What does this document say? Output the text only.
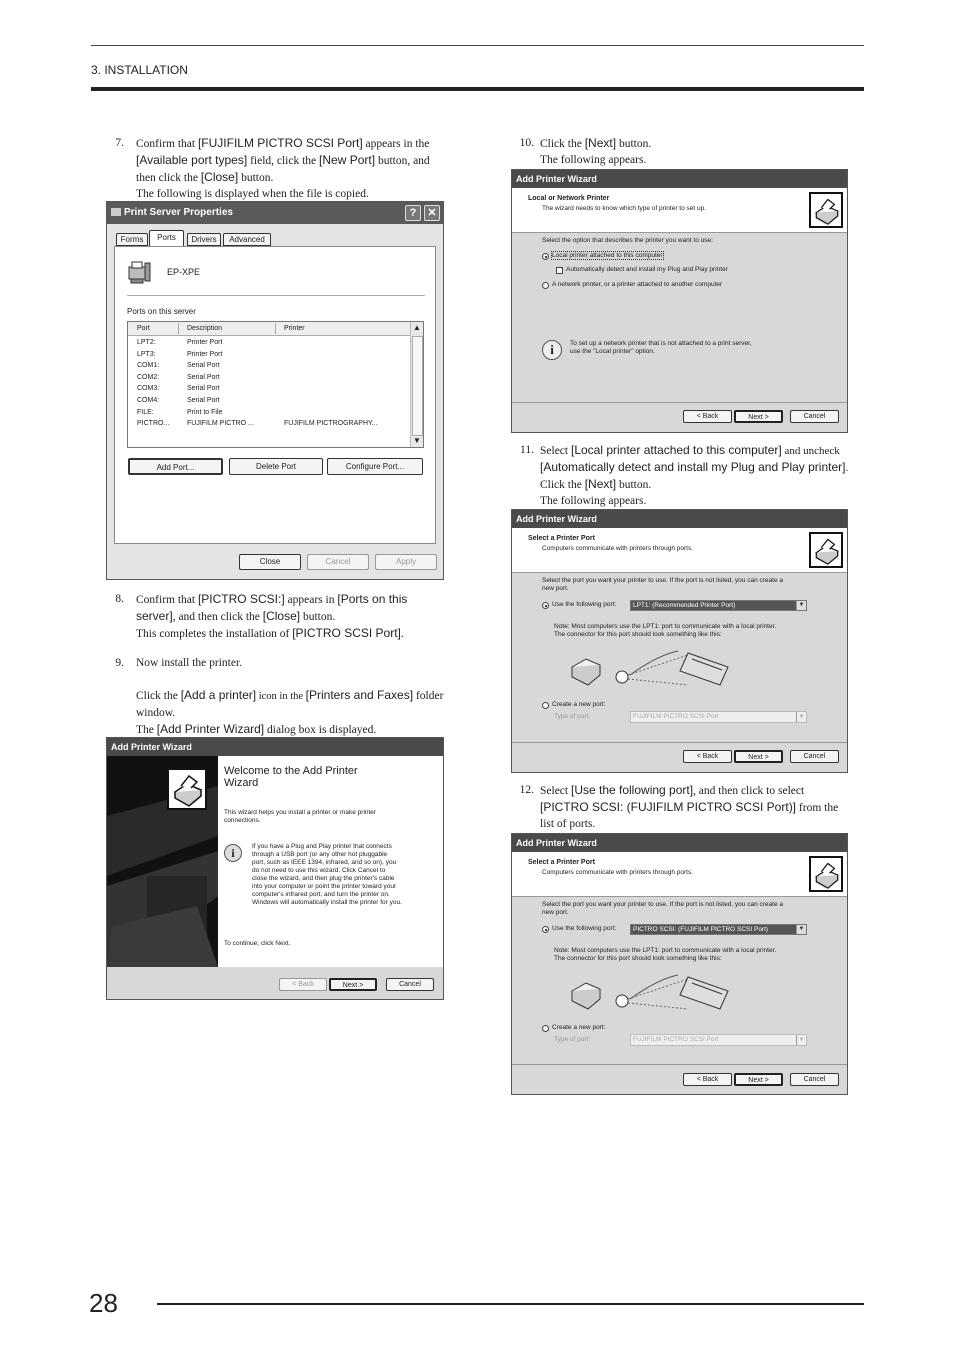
3. INSTALLATION
7. Confirm that [FUJIFILM PICTRO SCSI Port] appears in the
[Available port types] field, click the [New Port] button, and
then click the [Close] button.
The following is displayed when the file is copied.
Print Server Properties	?	✕
Forms	Ports	Drivers	Advanced
EP-XPE
Ports on this server
Port	Description	Printer
LPT2:	Printer Port
LPT3:	Printer Port
COM1:	Serial Port
COM2:	Serial Port
COM3:	Serial Port
COM4:	Serial Port
FILE:	Print to File
PICTRO...	FUJIFILM PICTRO ...	FUJIFILM PICTROGRAPHY...
▲
▼
Add Port...	Delete Port	Configure Port...
Close	Cancel	Apply
8. Confirm that [PICTRO SCSI:] appears in [Ports on this
server], and then click the [Close] button.
This completes the installation of [PICTRO SCSI Port].
9. Now install the printer.
Click the [Add a printer] icon in the [Printers and Faxes] folder
window.
The [Add Printer Wizard] dialog box is displayed.
Add Printer Wizard
Welcome to the Add Printer
Wizard
This wizard helps you install a printer or make printer
connections.
i	If you have a Plug and Play printer that connects
through a USB port (or any other hot pluggable
port, such as IEEE 1394, infrared, and so on), you
do not need to use this wizard. Click Cancel to
close the wizard, and then plug the printer's cable
into your computer or point the printer toward your
computer's infrared port, and turn the printer on.
Windows will automatically install the printer for you.
To continue, click Next.
< Back	Next >	Cancel
10. Click the [Next] button.
The following appears.
Add Printer Wizard
Local or Network Printer
The wizard needs to know which type of printer to set up.
Select the option that describes the printer you want to use:
Local printer attached to this computer
Automatically detect and install my Plug and Play printer
A network printer, or a printer attached to another computer
i	To set up a network printer that is not attached to a print server,
use the "Local printer" option.
< Back	Next >	Cancel
11. Select [Local printer attached to this computer] and uncheck
[Automatically detect and install my Plug and Play printer].
Click the [Next] button.
The following appears.
Add Printer Wizard
Select a Printer Port
Computers communicate with printers through ports.
Select the port you want your printer to use. If the port is not listed, you can create a
new port.
Use the following port:	LPT1: (Recommended Printer Port)	▼
Note: Most computers use the LPT1: port to communicate with a local printer.
The connector for this port should look something like this:
Create a new port:
Type of port:	FUJIFILM PICTRO SCSI Port	▼
< Back	Next >	Cancel
12. Select [Use the following port], and then click to select
[PICTRO SCSI: (FUJIFILM PICTRO SCSI Port)] from the
list of ports.
Add Printer Wizard
Select a Printer Port
Computers communicate with printers through ports.
Select the port you want your printer to use. If the port is not listed, you can create a
new port.
Use the following port:	PICTRO SCSI: (FUJIFILM PICTRO SCSI Port)	▼
Note: Most computers use the LPT1: port to communicate with a local printer.
The connector for this port should look something like this:
Create a new port:
Type of port:	FUJIFILM PICTRO SCSI Port	▼
< Back	Next >	Cancel
28
